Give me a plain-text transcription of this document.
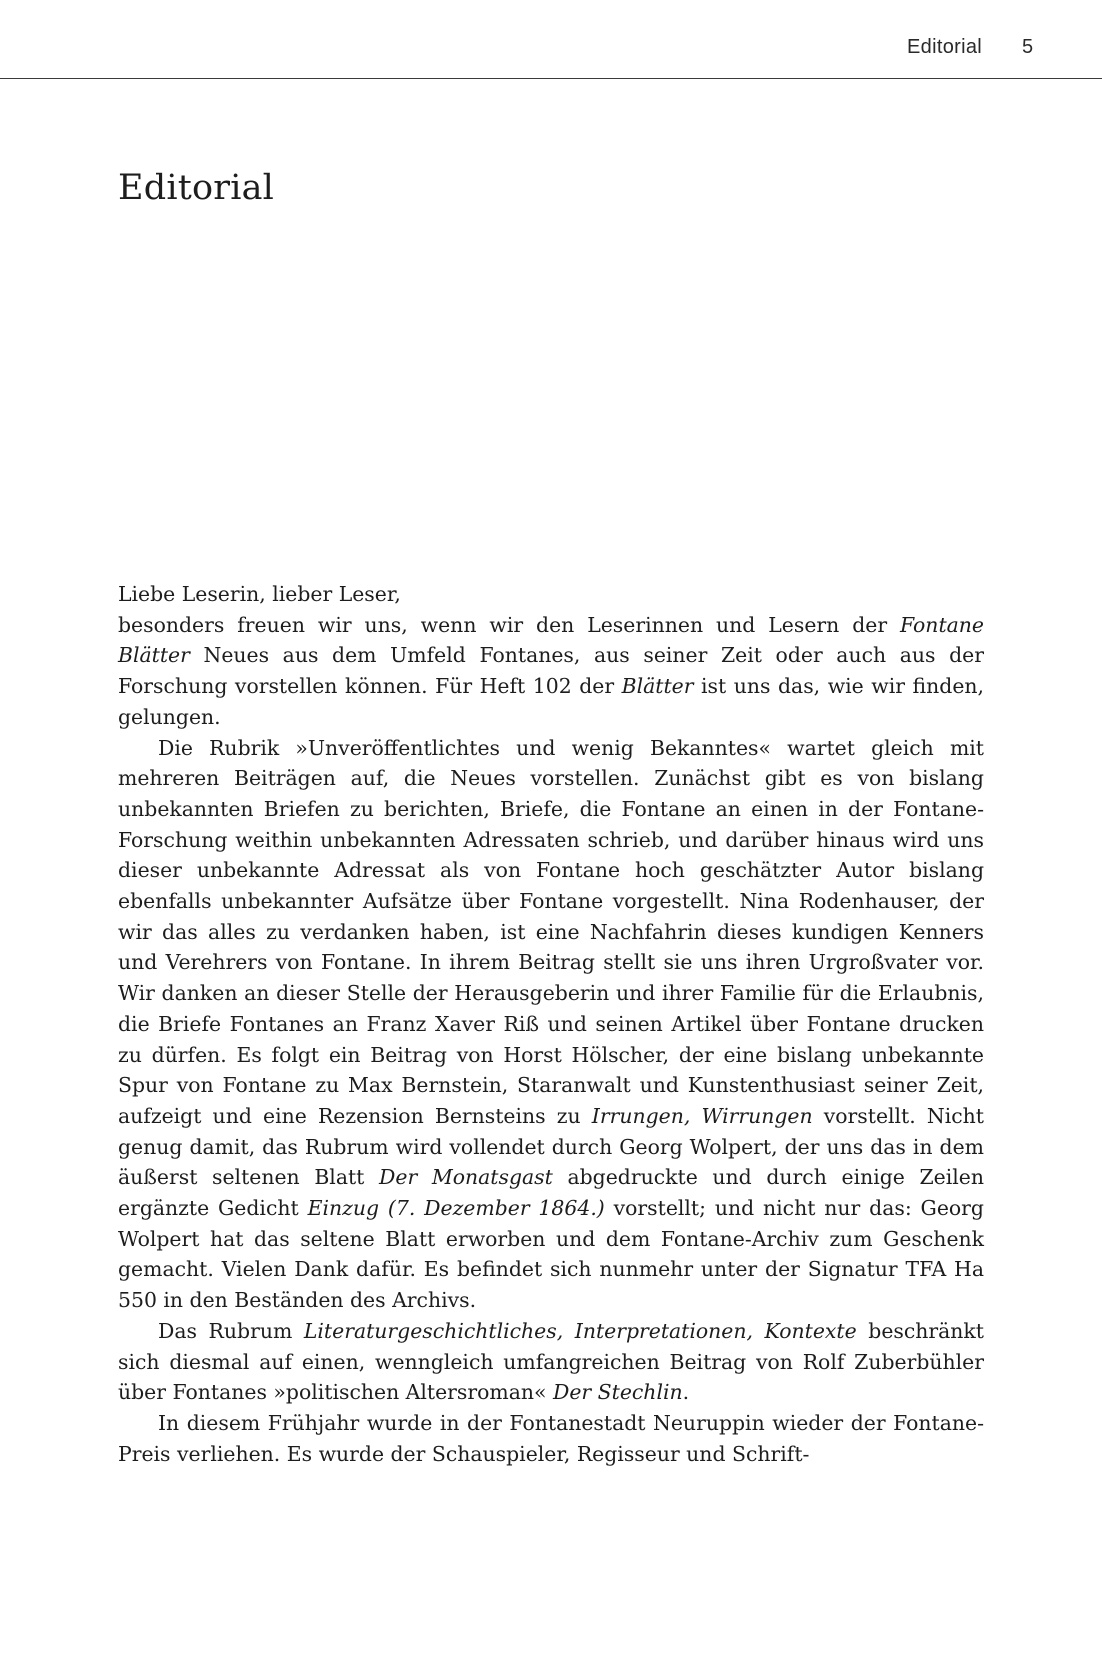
Editorial 5
Editorial

Liebe Leserin, lieber Leser,

besonders freuen wir uns, wenn wir den Leserinnen und Lesern der Fontane Blätter Neues aus dem Umfeld Fontanes, aus seiner Zeit oder auch aus der Forschung vorstellen können. Für Heft 102 der Blätter ist uns das, wie wir finden, gelungen.

Die Rubrik »Unveröffentlichtes und wenig Bekanntes« wartet gleich mit mehreren Beiträgen auf, die Neues vorstellen. Zunächst gibt es von bislang unbekannten Briefen zu berichten, Briefe, die Fontane an einen in der Fontane-Forschung weithin unbekannten Adressaten schrieb, und darüber hinaus wird uns dieser unbekannte Adressat als von Fontane hoch geschätzter Autor bislang ebenfalls unbekannter Aufsätze über Fontane vorgestellt. Nina Rodenhauser, der wir das alles zu verdanken haben, ist eine Nachfahrin dieses kundigen Kenners und Verehrers von Fontane. In ihrem Beitrag stellt sie uns ihren Urgroßvater vor. Wir danken an dieser Stelle der Herausgeberin und ihrer Familie für die Erlaubnis, die Briefe Fontanes an Franz Xaver Riß und seinen Artikel über Fontane drucken zu dürfen. Es folgt ein Beitrag von Horst Hölscher, der eine bislang unbekannte Spur von Fontane zu Max Bernstein, Staranwalt und Kunstenthusiast seiner Zeit, aufzeigt und eine Rezension Bernsteins zu Irrungen, Wirrungen vorstellt. Nicht genug damit, das Rubrum wird vollendet durch Georg Wolpert, der uns das in dem äußerst seltenen Blatt Der Monatsgast abgedruckte und durch einige Zeilen ergänzte Gedicht Einzug (7. Dezember 1864.) vorstellt; und nicht nur das: Georg Wolpert hat das seltene Blatt erworben und dem Fontane-Archiv zum Geschenk gemacht. Vielen Dank dafür. Es befindet sich nunmehr unter der Signatur TFA Ha 550 in den Beständen des Archivs.

Das Rubrum Literaturgeschichtliches, Interpretationen, Kontexte beschränkt sich diesmal auf einen, wenngleich umfangreichen Beitrag von Rolf Zuberbühler über Fontanes »politischen Altersroman« Der Stechlin.

In diesem Frühjahr wurde in der Fontanestadt Neuruppin wieder der Fontane-Preis verliehen. Es wurde der Schauspieler, Regisseur und Schrift-
